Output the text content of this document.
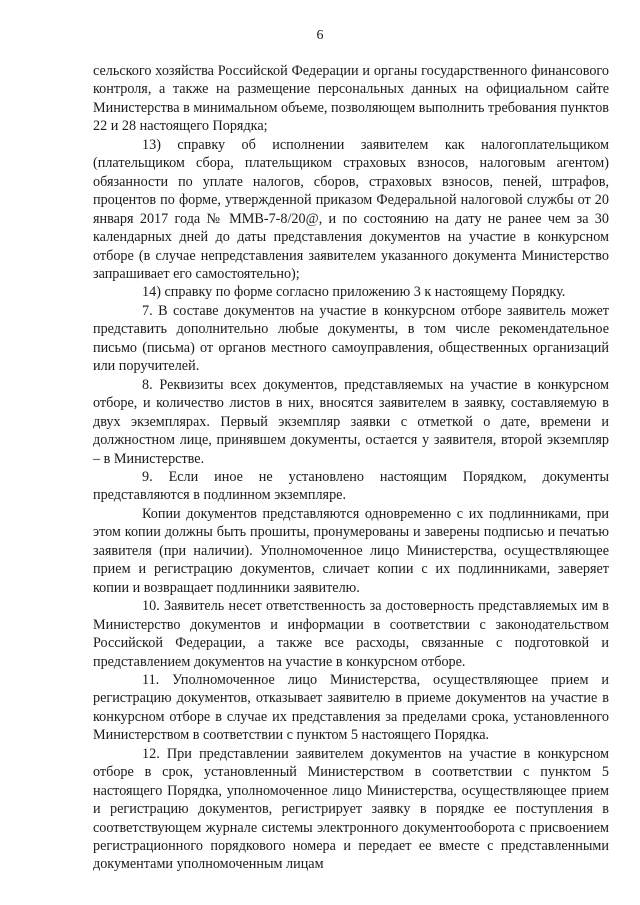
6

сельского хозяйства Российской Федерации и органы государственного финансового контроля, а также на размещение персональных данных на официальном сайте Министерства в минимальном объеме, позволяющем выполнить требования пунктов 22 и 28 настоящего Порядка;

13) справку об исполнении заявителем как налогоплательщиком (плательщиком сбора, плательщиком страховых взносов, налоговым агентом) обязанности по уплате налогов, сборов, страховых взносов, пеней, штрафов, процентов по форме, утвержденной приказом Федеральной налоговой службы от 20 января 2017 года № ММВ-7-8/20@, и по состоянию на дату не ранее чем за 30 календарных дней до даты представления документов на участие в конкурсном отборе (в случае непредставления заявителем указанного документа Министерство запрашивает его самостоятельно);

14) справку по форме согласно приложению 3 к настоящему Порядку.

7. В составе документов на участие в конкурсном отборе заявитель может представить дополнительно любые документы, в том числе рекомендательное письмо (письма) от органов местного самоуправления, общественных организаций или поручителей.

8. Реквизиты всех документов, представляемых на участие в конкурсном отборе, и количество листов в них, вносятся заявителем в заявку, составляемую в двух экземплярах. Первый экземпляр заявки с отметкой о дате, времени и должностном лице, принявшем документы, остается у заявителя, второй экземпляр – в Министерстве.

9. Если иное не установлено настоящим Порядком, документы представляются в подлинном экземпляре.

Копии документов представляются одновременно с их подлинниками, при этом копии должны быть прошиты, пронумерованы и заверены подписью и печатью заявителя (при наличии). Уполномоченное лицо Министерства, осуществляющее прием и регистрацию документов, сличает копии с их подлинниками, заверяет копии и возвращает подлинники заявителю.

10. Заявитель несет ответственность за достоверность представляемых им в Министерство документов и информации в соответствии с законодательством Российской Федерации, а также все расходы, связанные с подготовкой и представлением документов на участие в конкурсном отборе.

11. Уполномоченное лицо Министерства, осуществляющее прием и регистрацию документов, отказывает заявителю в приеме документов на участие в конкурсном отборе в случае их представления за пределами срока, установленного Министерством в соответствии с пунктом 5 настоящего Порядка.

12. При представлении заявителем документов на участие в конкурсном отборе в срок, установленный Министерством в соответствии с пунктом 5 настоящего Порядка, уполномоченное лицо Министерства, осуществляющее прием и регистрацию документов, регистрирует заявку в порядке ее поступления в соответствующем журнале системы электронного документооборота с присвоением регистрационного порядкового номера и передает ее вместе с представленными документами уполномоченным лицам
